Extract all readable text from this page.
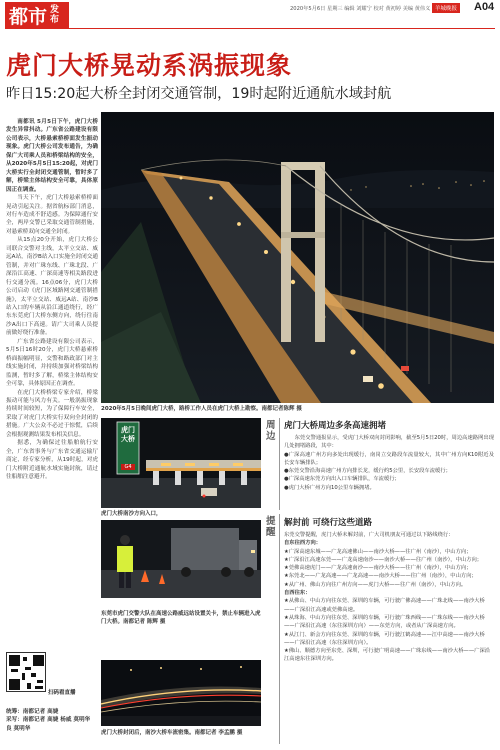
都市 发布
2020年5月6日 星期三 编辑 刘耀宁 校对 黄初婷 美编 黄伟义 羊城晚报 A04
虎门大桥晃动系涡振现象
昨日15:20起大桥全封闭交通管制，19时起附近通航水域封航

南都讯 5月5日下午，虎门大桥发生异常抖动。广东省公路建设有限公司表示，大桥悬索桥桥面发生振动现象。虎门大桥公司发布通告，为确保广大司乘人员和桥梁结构的安全，从2020年5月5日15:20起，对虎门大桥实行全封闭交通管制，暂时多了解，桥梁主体结构安全可靠，具体原因正在调查。

当天下午，虎门大桥悬索桥桥面晃动引起关注。据省航标部门消息，对行车造成不舒适感。为保障通行安全，两岸交警已采取交通管制措施，对悬索桥双向交通全封闭。

从15点20分开始，虎门大桥公司联合交警对主线，太平立交站、威远A站，南沙B站入口实施全封闭交通管制，并对广珠东线、广珠北段、广深沿江高速、广深高速等相关路段进行交通分流。16点06分，虎门大桥公司启动《虎门区域路网交通管制措施》，太平立交站、威远A站、南沙B站入口的车辆从沿江通道绕行，经广东东莞虎门大桥东侧方向，绕行往南沙A出口下高速。请广大司乘人员提前做好绕行准备。

广东省公路建设有限公司表示，5月5日16时20分，虎门大桥悬索桥桥面振幅明显，交警和路政部门对主线实施封闭，并持续加强对桥梁结构监测，暂时多了解，桥梁主体结构安全可靠，具体原因正在调查。

在虎门大桥桥梁专家介绍，桥梁振动可能与风力有关。一般涡振现象持续时间较短，为了保障行车安全，采取了对虎门大桥实行双向全封闭的措施。广大公众不必过于惊慌，后续会根据观测结果发布相关信息。

据悉，为确保过往船舶航行安全，广东省事务与广东省交通运输厅商定，经专家分析，从19时起，对虎门大桥附近通航水域实施封航，请过往船舶注意避开。

扫码看直播
统筹：南都记者 高婕
采写：南都记者 高婕 杨威 莫明华
良 莫明华
2020年5月5日晚间虎门大桥，路桥工作人员在虎门大桥上勘察。南都记者陈辉 摄
虎门大桥
G4
虎门大桥南沙方向入口，
东莞市虎门交警大队在高速公路威远站设置关卡，禁止车辆进入虎门大桥。南都记者 陈辉 摄
虎门大桥封闭后，南沙大桥车流密集。南都记者 李孟鹏 摄
周边
虎门大桥周边多条高速拥堵

东莞交警通报显示，受虎门大桥双向封闭影响，截至5月5日20时，周边高速路网出现几处拥堵路段，其中：

●广深高速广州方向多处出现缓行，南岗立交路段车流量较大，其中广州方向K10附近及长安车辆排队；
●东莞交警沿海高速广州方向排长龙，缓行约5公里，长安段车流缓行；
●广深高速东莞方向出入口车辆排队，车流缓行；
●虎门大桥广州方向10公里车辆拥堵。
提醒
解封前 可绕行这些道路
东莞交警提醒，虎门大桥未解封前，广大司机朋友可通过以下路线绕行：
自东往西方向：
★广深高速东城——广龙高速佛山——南沙大桥——往广州（南沙），中山方向；
★广深沿江高速东莞——广龙高速南沙——南沙大桥——往广州（南沙），中山方向；
★莞佛高速虎门——广龙高速南沙——南沙大桥——往广州（南沙），中山方向；
★东莞北——广龙高速——广龙高速——南沙大桥——往广州（南沙），中山方向；
★从广州、佛山方向往广州方向——虎门大桥——往广州（南沙），中山方向。
自西往东：
★从佛山、中山方向往东莞、深圳的车辆，可行驶广佛高速——广珠北线——南沙大桥——广深沿江高速或莞佛高速。
★从珠海、中山方向往东莞、深圳的车辆，可行驶广珠西线——广珠东线——南沙大桥——广深沿江高速（东往深圳方向）——东莞方向，或者从广深高速方向。
★从江门、新会方向往东莞、深圳的车辆，可行驶江鹤高速——江中高速——南沙大桥——广深沿江高速（东往深圳方向）。
★佛山、顺德方向至东莞、深圳，可行驶广明高速——广珠东线——南沙大桥——广深沿江高速东往深圳方向。
